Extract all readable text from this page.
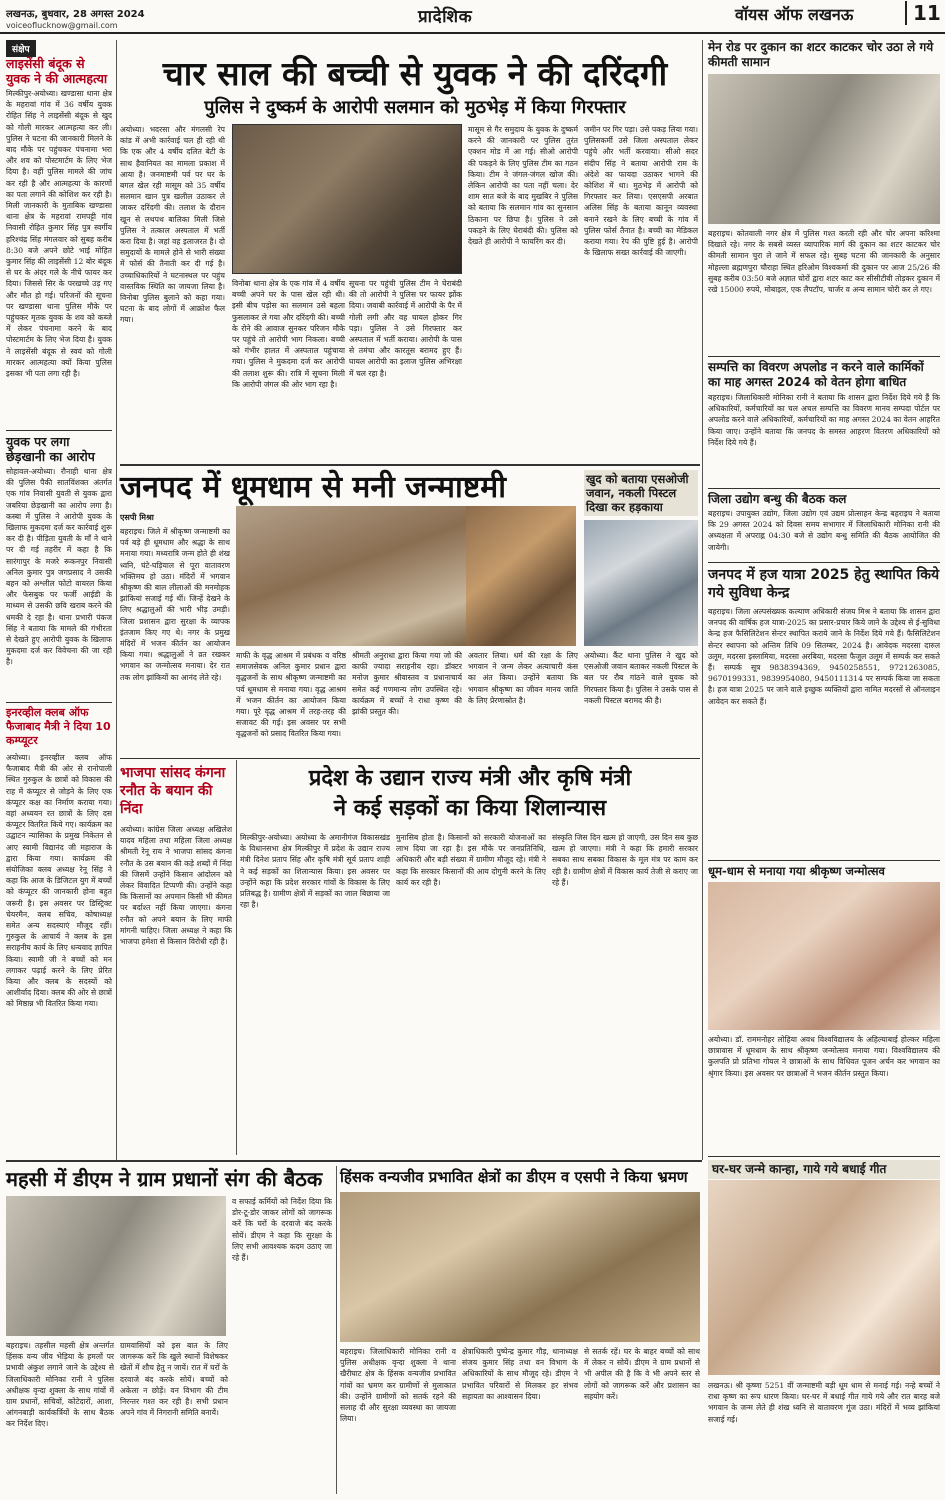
लखनऊ, बुधवार, 28 अगस्त 2024
voiceoflucknow@gmail.com	प्रादेशिक	वॉयस ऑफ लखनऊ	11
संक्षेप
लाइसेंसी बंदूक से युवक ने की आत्महत्या
मिल्कीपुर-अयोध्या। खण्डासा थाना क्षेत्र के महरावां गांव में 36 वर्षीय युवक रोहित सिंह ने लाइसेंसी बंदूक से खुद को गोली मारकर आत्महत्या कर ली। पुलिस ने घटना की जानकारी मिलने के बाद मौके पर पहुंचकर पंचनामा भरा और शव को पोस्टमार्टम के लिए भेज दिया है। वहीं पुलिस मामले की जांच कर रही है और आत्महत्या के कारणों का पता लगाने की कोशिश कर रही है। मिली जानकारी के मुताबिक खण्डासा थाना क्षेत्र के महरावां रामपट्टी गांव निवासी रोहित कुमार सिंह पुत्र स्वर्गीय हरिश्चंद्र सिंह मंगलवार को सुबह करीब 8:30 बजे अपने छोटे भाई मोहित कुमार सिंह की लाइसेंसी 12 बोर बंदूक से घर के अंदर गले के नीचे फायर कर दिया। जिससे सिर के परखच्चे उड़ गए और मौत हो गई। परिजनों की सूचना पर खण्डासा थाना पुलिस मौके पर पहुंचकर मृतक युवक के शव को कब्जे में लेकर पंचनामा करने के बाद पोस्टमार्टम के लिए भेज दिया है। युवक ने लाइसेंसी बंदूक से स्वयं को गोली मारकर आत्महत्या क्यों किया पुलिस इसका भी पता लगा रही है।
युवक पर लगा छेड़खानी का आरोप
सोहावल-अयोध्या। रौनाही थाना क्षेत्र की पुलिस पैकी सातविंशक्त अंतर्गत एक गांव निवासी युवती से युवक द्वारा जबरिया छेड़खानी का आरोप लगा है। कस्बा में पुलिस ने आरोपी युवक के खिलाफ मुकदमा दर्ज कर कार्रवाई शुरू कर दी है। पीड़िता युवती के माँ ने थाने पर दी गई तहरीर में कहा है कि सारंगापुर के मजरे रूकनपुर निवासी अनिल कुमार पुत्र जगप्रसाद ने उसकी बहन को अश्लील फोटो वायरल किया और फेसबुक पर फर्जी आईडी के माध्यम से उसकी छवि खराब करने की धमकी दे रहा है। थाना प्रभारी पंकज सिंह ने बताया कि मामले की गंभीरता से देखते हुए आरोपी युवक के खिलाफ मुकदमा दर्ज कर विवेचना की जा रही है।
इनरव्हील क्लब ऑफ फैजाबाद मैत्री ने दिया 10 कम्प्यूटर
अयोध्या। इनरव्हील क्लब ऑफ फैजाबाद मैत्री की ओर से रानोपाली स्थित गुरुकुल के छात्रों को विकास की राह में कंप्यूटर से जोड़ने के लिए एक कंप्यूटर कक्ष का निर्माण कराया गया। वहां अध्ययन रत छात्रों के लिए दस कंप्यूटर वितरित किये गए। कार्यक्रम का उद्घाटन न्यासिका के प्रमुख निकेतन से आए स्वामी विद्यानंद जी महाराज के द्वारा किया गया। कार्यक्रम की संयोजिका क्लब अध्यक्ष रेनू सिंह ने कहा कि आज के डिजिटल युग में बच्चों को कंप्यूटर की जानकारी होना बहुत जरूरी है। इस अवसर पर डिस्ट्रिक्ट चेयरमैन, क्लब सचिव, कोषाध्यक्ष समेत अन्य सदस्याएं मौजूद रहीं। गुरुकुल के आचार्य ने क्लब के इस सराहनीय कार्य के लिए धन्यवाद ज्ञापित किया। स्वामी जी ने बच्चों को मन लगाकर पढ़ाई करने के लिए प्रेरित किया और क्लब के सदस्यों को आशीर्वाद दिया। क्लब की ओर से छात्रों को मिष्ठान्न भी वितरित किया गया।
चार साल की बच्ची से युवक ने की दरिंदगी
पुलिस ने दुष्कर्म के आरोपी सलमान को मुठभेड़ में किया गिरफ्तार
अयोध्या। भदरसा और मंगलसी रेप कांड में अभी कार्रवाई चल ही रही थी कि एक और 4 वर्षीय दलित बेटी के साथ हैवानियत का मामला प्रकाश में आया है। जनमाष्टमी पर्व पर घर के बगल खेल रही मासूम को 35 वर्षीय सलमान खान पुत्र खलील उठाकर ले जाकर दरिंदगी की। तलाश के दौरान खून से लथपथ बालिका मिली जिसे पुलिस ने तत्काल अस्पताल में भर्ती करा दिया है। जहां वह इलाजरत है। दो समुदायों के मामले होने से भारी संख्या में फोर्स की तैनाती कर दी गई है। उच्चाधिकारियों ने घटनास्थल पर पहुंच वास्तविक स्थिति का जायजा लिया है। विनोबा पुलिस बुलाने को कहा गया। घटना के बाद लोगों में आक्रोश फैल गया।
विनोबा थाना क्षेत्र के एक गांव में 4 वर्षीय बच्ची अपने घर के पास खेल रही थी। इसी बीच पड़ोस का सलमान उसे बहला फुसलाकर ले गया और दरिंदगी की। बच्ची के रोने की आवाज सुनकर परिजन मौके पर पहुंचे तो आरोपी भाग निकला। बच्ची को गंभीर हालत में अस्पताल पहुंचाया गया। पुलिस ने मुकदमा दर्ज कर आरोपी की तलाश शुरू की। रात्रि में सूचना मिली कि आरोपी जंगल की ओर भाग रहा है।
सूचना पर पहुंची पुलिस टीम ने घेराबंदी की तो आरोपी ने पुलिस पर फायर झोंक दिया। जवाबी कार्रवाई में आरोपी के पैर में गोली लगी और वह घायल होकर गिर पड़ा। पुलिस ने उसे गिरफ्तार कर अस्पताल में भर्ती कराया। आरोपी के पास से तमंचा और कारतूस बरामद हुए हैं। घायल आरोपी का इलाज पुलिस अभिरक्षा में चल रहा है।
मासूम से गैर समुदाय के युवक के दुष्कर्म करने की जानकारी पर पुलिस तुरंत एक्शन मोड में आ गई। सीओ आरोपी की पकड़ने के लिए पुलिस टीम का गठन किया। टीम ने जंगल-जंगल खोज की। लेकिन आरोपी का पता नहीं चला। देर शाम सात बजे के बाद मुखबिर ने पुलिस को बताया कि सलमान गांव का सुनसान ठिकाना पर छिपा है। पुलिस ने उसे पकड़ने के लिए घेराबंदी की। पुलिस को देखते ही आरोपी ने फायरिंग कर दी।
जमीन पर गिर पड़ा। उसे पकड़ लिया गया। पुलिसकर्मी उसे जिला अस्पताल लेकर पहुंचे और भर्ती करवाया। सीओ सदर संदीप सिंह ने बताया आरोपी राम के अंदेशे का फायदा उठाकर भागने की कोशिश में था। मुठभेड़ में आरोपी को गिरफ्तार कर लिया। एसएसपी अरबात अलिस सिंह के बताया कानून व्यवस्था बनाने रखने के लिए बच्ची के गांव में पुलिस फोर्स तैनात है। बच्ची का मेडिकल कराया गया। रेप की पुष्टि हुई है। आरोपी के खिलाफ सख्त कार्रवाई की जाएगी।
जनपद में धूमधाम से मनी जन्माष्टमी
एसपी मिश्रा
बहराइच। जिले में श्रीकृष्ण जन्माष्टमी का पर्व बड़े ही धूमधाम और श्रद्धा के साथ मनाया गया। मध्यरात्रि जन्म होते ही शंख ध्वनि, घंटे-घड़ियाल से पूरा वातावरण भक्तिमय हो उठा। मंदिरों में भगवान श्रीकृष्ण की बाल लीलाओं की मनमोहक झांकियां सजाई गई थीं। जिन्हें देखने के लिए श्रद्धालुओं की भारी भीड़ उमड़ी। जिला प्रशासन द्वारा सुरक्षा के व्यापक इंतजाम किए गए थे। नगर के प्रमुख मंदिरों में भजन कीर्तन का आयोजन किया गया। श्रद्धालुओं ने व्रत रखकर भगवान का जन्मोत्सव मनाया। देर रात तक लोग झांकियों का आनंद लेते रहे।
माफी के वृद्ध आश्रम में प्रबंधक व वरिष्ठ समाजसेवक अनिल कुमार प्रधान द्वारा वृद्धजनों के साथ श्रीकृष्ण जन्माष्टमी का पर्व धूमधाम से मनाया गया। वृद्ध आश्रम में भजन कीर्तन का आयोजन किया गया। पूरे वृद्ध आश्रम में तरह-तरह की सजावट की गई। इस अवसर पर सभी वृद्धजनों को प्रसाद वितरित किया गया।
श्रीमती अनुराधा द्वारा किया गया जो की काफी ज्यादा सराहनीय रहा। डॉक्टर मनोज कुमार श्रीवास्तव व प्रधानाचार्य समेत कई गणमान्य लोग उपस्थित रहे। कार्यक्रम में बच्चों ने राधा कृष्ण की झांकी प्रस्तुत की।
अवतार लिया। धर्म की रक्षा के लिए भगवान ने जन्म लेकर अत्याचारी कंस का अंत किया। उन्होंने बताया कि भगवान श्रीकृष्ण का जीवन मानव जाति के लिए प्रेरणास्रोत है।
अयोध्या। कैंट थाना पुलिस ने खुद को एसओजी जवान बताकर नकली पिस्टल के बल पर रौब गांठने वाले युवक को गिरफ्तार किया है। पुलिस ने उसके पास से नकली पिस्टल बरामद की है।
भाजपा सांसद कंगना रनौत के बयान की निंदा
अयोध्या। कांग्रेस जिला अध्यक्ष अखिलेश यादव महिला तथा महिला जिला अध्यक्ष श्रीमती रेनू राय ने भाजपा सांसद कंगना रनौत के उस बयान की कड़े शब्दों में निंदा की जिसमें उन्होंने किसान आंदोलन को लेकर विवादित टिप्पणी की। उन्होंने कहा कि किसानों का अपमान किसी भी कीमत पर बर्दाश्त नहीं किया जाएगा। कंगना रनौत को अपने बयान के लिए माफी मांगनी चाहिए। जिला अध्यक्ष ने कहा कि भाजपा हमेशा से किसान विरोधी रही है।
प्रदेश के उद्यान राज्य मंत्री और कृषि मंत्री
ने कई सड़कों का किया शिलान्यास
मिल्कीपुर-अयोध्या। अयोध्या के अमानीगंज विकासखंड के विधानसभा क्षेत्र मिल्कीपुर में प्रदेश के उद्यान राज्य मंत्री दिनेश प्रताप सिंह और कृषि मंत्री सूर्य प्रताप शाही ने कई सड़कों का शिलान्यास किया। इस अवसर पर उन्होंने कहा कि प्रदेश सरकार गांवों के विकास के लिए प्रतिबद्ध है। ग्रामीण क्षेत्रों में सड़कों का जाल बिछाया जा रहा है।
मुनासिब होता है। किसानों को सरकारी योजनाओं का लाभ दिया जा रहा है। इस मौके पर जनप्रतिनिधि, अधिकारी और बड़ी संख्या में ग्रामीण मौजूद रहे। मंत्री ने कहा कि सरकार किसानों की आय दोगुनी करने के लिए कार्य कर रही है।
संस्कृति जिस दिन खत्म हो जाएगी, उस दिन सब कुछ खत्म हो जाएगा। मंत्री ने कहा कि हमारी सरकार सबका साथ सबका विकास के मूल मंत्र पर काम कर रही है। ग्रामीण क्षेत्रों में विकास कार्य तेजी से कराए जा रहे हैं।
मेन रोड पर दुकान का शटर काटकर चोर उठा ले गये कीमती सामान
बहराइच। कोतवाली नगर क्षेत्र में पुलिस गश्त करती रही और चोर अपना करिश्मा दिखाते रहे। नगर के सबसे व्यस्त व्यापारिक मार्ग की दुकान का शटर काटकर चोर कीमती सामान चुरा ले जाने में सफल रहे। सुबह घटना की जानकारी के अनुसार मोहल्ला ब्रह्मणपुरा चौराहा स्थित हरिओम विश्वकर्मा की दुकान पर आज 25/26 की सुबह करीब 03:50 बजे अज्ञात चोरों द्वारा शटर काट कर सीसीटीवी तोड़कर दुकान में रखे 15000 रुपये, मोबाइल, एक लैपटॉप, चार्जर व अन्य सामान चोरी कर ले गए।
सम्पत्ति का विवरण अपलोड न करने वाले कार्मिकों का माह अगस्त 2024 को वेतन होगा बाधित
बहराइच। जिलाधिकारी मोनिका रानी ने बताया कि शासन द्वारा निर्देश दिये गये हैं कि अधिकारियों, कर्मचारियों का चल अचल सम्पत्ति का विवरण मानव सम्पदा पोर्टल पर अपलोड करने वाले अधिकारियों, कर्मचारियों का माह अगस्त 2024 का वेतन आहरित किया जाए। उन्होंने बताया कि जनपद के समस्त आहरण वितरण अधिकारियों को निर्देश दिये गये हैं।
जिला उद्योग बन्धु की बैठक कल
बहराइच। उपायुक्त उद्योग, जिला उद्योग एवं उद्यम प्रोत्साहन केन्द्र बहराइच ने बताया कि 29 अगस्त 2024 को दिवस समय सभागार में जिलाधिकारी मोनिका रानी की अध्यक्षता में अपराह्न 04:30 बजे से उद्योग बन्धु समिति की बैठक आयोजित की जायेगी।
जनपद में हज यात्रा 2025 हेतु स्थापित किये गये सुविधा केन्द्र
बहराइच। जिला अल्पसंख्यक कल्याण अधिकारी संजय मिश्र ने बताया कि शासन द्वारा जनपद की वार्षिक हज यात्रा-2025 का प्रसार-प्रचार किये जाने के उद्देश्य से ई-सुविधा केन्द्र हज फैसिलिटेशन सेन्टर स्थापित कराये जाने के निर्देश दिये गये हैं। फैसिलिटेशन सेन्टर स्थापना को अन्तिम तिथि 09 सितम्बर, 2024 है। आवेदक मदरसा दारुल उलूम, मदरसा इस्लामिया, मदरसा अरबिया, मदरसा फैजुल उलूम में सम्पर्क कर सकते हैं। सम्पर्क सूत्र 9838394369, 9450258551, 9721263085, 9670199331, 9839954080, 9450111314 पर सम्पर्क किया जा सकता है। हज यात्रा 2025 पर जाने वाले इच्छुक व्यक्तियों द्वारा नामित मदरसों से ऑनलाइन आवेदन कर सकते हैं।
खुद को बताया एसओजी जवान, नकली पिस्टल दिखा कर हड़काया
धूम-धाम से मनाया गया श्रीकृष्ण जन्मोत्सव
अयोध्या। डॉ. राममनोहर लोहिया अवध विश्वविद्यालय के अहिल्याबाई होल्कर महिला छात्रावास में धूमधाम के साथ श्रीकृष्ण जन्मोत्सव मनाया गया। विश्वविद्यालय की कुलपति प्रो प्रतिभा गोयल ने छात्राओं के साथ विधिवत पूजन अर्चन कर भगवान का श्रृंगार किया। इस अवसर पर छात्राओं ने भजन कीर्तन प्रस्तुत किया।
घर-घर जन्मे कान्हा, गाये गये बधाई गीत
लखनऊ। श्री कृष्णा 5251 वीं जन्माष्टमी बड़ी धूम धाम से मनाई गई। नन्हे बच्चों ने राधा कृष्ण का रूप धारण किया। घर-घर में बधाई गीत गाये गये और रात बारह बजे भगवान के जन्म लेते ही शंख ध्वनि से वातावरण गूंज उठा। मंदिरों में भव्य झांकियां सजाई गई।
महसी में डीएम ने ग्राम प्रधानों संग की बैठक
बहराइच। तहसील महसी क्षेत्र अन्तर्गत हिंसक वन्य जीव भेड़िया के हमलों पर प्रभावी अंकुश लगाने जाने के उद्देश्य से जिलाधिकारी मोनिका रानी ने पुलिस अधीक्षक वृन्दा शुक्ला के साथ गांवों में ग्राम प्रधानों, सचिवों, कोटेदारों, आशा, आंगनबाड़ी कार्यकर्त्रियों के साथ बैठक कर निर्देश दिए।
ग्रामवासियों को इस बात के लिए जागरूक करें कि खुले स्थानों विशेषकर खेतों में शौच हेतु न जायें। रात में घरों के दरवाजे बंद करके सोयें। बच्चों को अकेला न छोड़ें। वन विभाग की टीम निरन्तर गश्त कर रही है। सभी प्रधान अपने गांव में निगरानी समिति बनायें।
व सफाई कर्मियों को निर्देश दिया कि डोर-टू-डोर जाकर लोगों को जागरूक करें कि घरों के दरवाजे बंद करके सोयें। डीएम ने कहा कि सुरक्षा के लिए सभी आवश्यक कदम उठाए जा रहे हैं।
हिंसक वन्यजीव प्रभावित क्षेत्रों का डीएम व एसपी ने किया भ्रमण
बहराइच। जिलाधिकारी मोनिका रानी व पुलिस अधीक्षक वृन्दा शुक्ला ने थाना खैरीघाट क्षेत्र के हिंसक वन्यजीव प्रभावित गांवों का भ्रमण कर ग्रामीणों से मुलाकात की। उन्होंने ग्रामीणों को सतर्क रहने की सलाह दी और सुरक्षा व्यवस्था का जायजा लिया।
क्षेत्राधिकारी पुष्पेन्द्र कुमार गौड़, थानाध्यक्ष संजय कुमार सिंह तथा वन विभाग के अधिकारियों के साथ मौजूद रहे। डीएम ने प्रभावित परिवारों से मिलकर हर संभव सहायता का आश्वासन दिया।
से सतर्क रहें। घर के बाहर बच्चों को साथ में लेकर न सोयें। डीएम ने ग्राम प्रधानों से भी अपील की है कि वे भी अपने स्तर से लोगों को जागरूक करें और प्रशासन का सहयोग करें।
